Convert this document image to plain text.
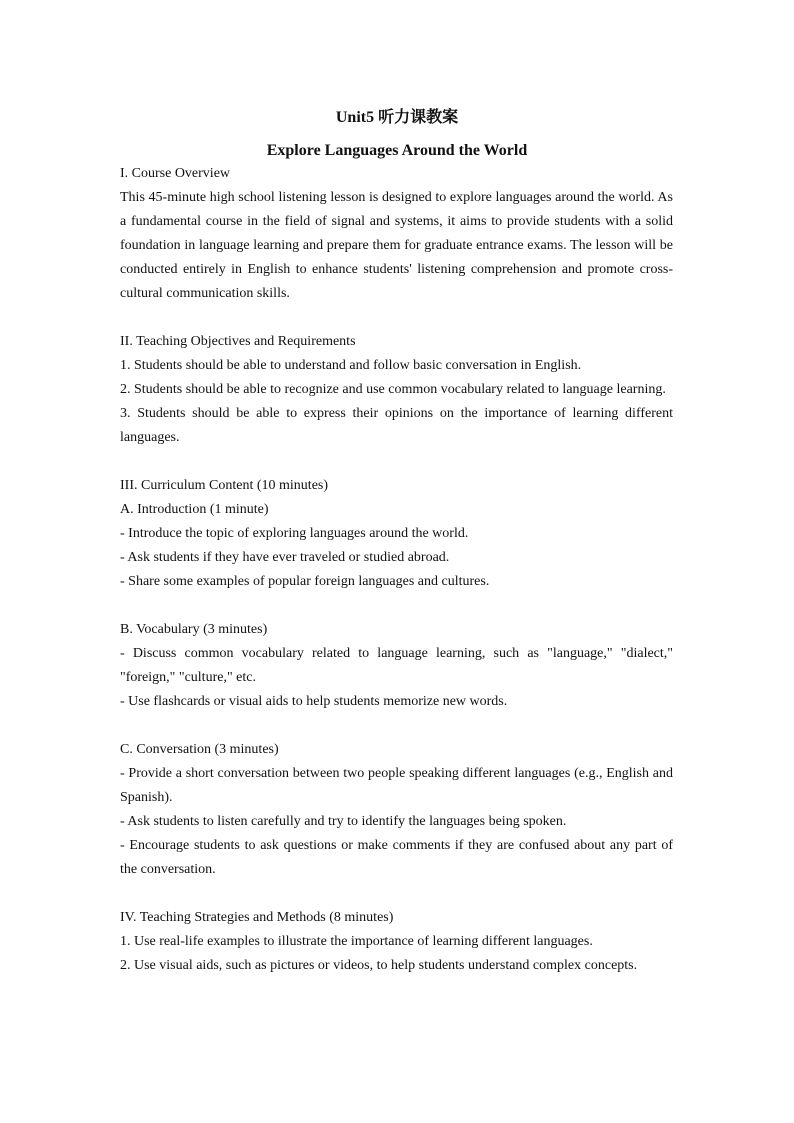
Unit5 听力课教案
Explore Languages Around the World

I. Course Overview

This 45-minute high school listening lesson is designed to explore languages around the world. As a fundamental course in the field of signal and systems, it aims to provide students with a solid foundation in language learning and prepare them for graduate entrance exams. The lesson will be conducted entirely in English to enhance students' listening comprehension and promote cross-cultural communication skills.

II. Teaching Objectives and Requirements

1. Students should be able to understand and follow basic conversation in English.

2. Students should be able to recognize and use common vocabulary related to language learning.

3. Students should be able to express their opinions on the importance of learning different languages.

III. Curriculum Content (10 minutes)

A. Introduction (1 minute)

- Introduce the topic of exploring languages around the world.

- Ask students if they have ever traveled or studied abroad.

- Share some examples of popular foreign languages and cultures.

B. Vocabulary (3 minutes)

- Discuss common vocabulary related to language learning, such as "language," "dialect," "foreign," "culture," etc.

- Use flashcards or visual aids to help students memorize new words.

C. Conversation (3 minutes)

- Provide a short conversation between two people speaking different languages (e.g., English and Spanish).

- Ask students to listen carefully and try to identify the languages being spoken.

- Encourage students to ask questions or make comments if they are confused about any part of the conversation.

IV. Teaching Strategies and Methods (8 minutes)

1. Use real-life examples to illustrate the importance of learning different languages.

2. Use visual aids, such as pictures or videos, to help students understand complex concepts.
